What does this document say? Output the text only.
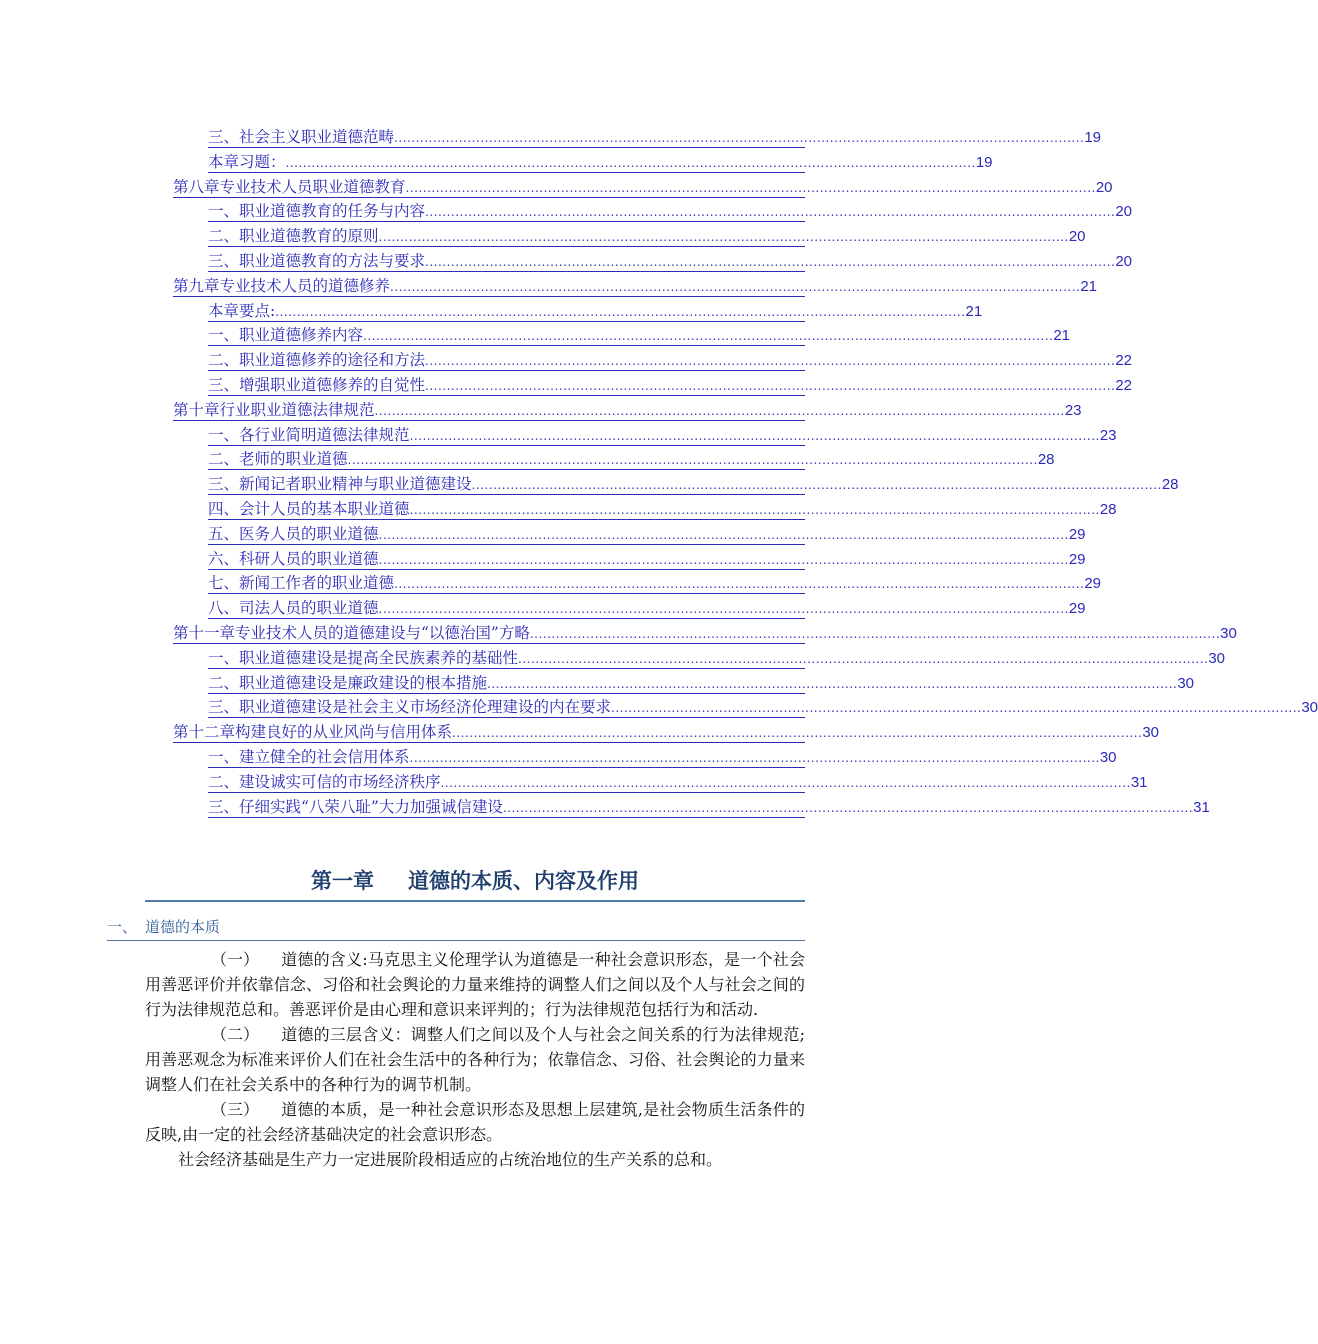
三、社会主义职业道德范畴 ................................................................................................................................................................ 19
本章习题： ................................................................................................................................................................ 19
第八章专业技术人员职业道德教育 ................................................................................................................................................................ 20
一、职业道德教育的任务与内容 ................................................................................................................................................................ 20
二、职业道德教育的原则 ................................................................................................................................................................ 20
三、职业道德教育的方法与要求 ................................................................................................................................................................ 20
第九章专业技术人员的道德修养 ................................................................................................................................................................ 21
本章要点: ................................................................................................................................................................ 21
一、职业道德修养内容 ................................................................................................................................................................ 21
二、职业道德修养的途径和方法 ................................................................................................................................................................ 22
三、增强职业道德修养的自觉性 ................................................................................................................................................................ 22
第十章行业职业道德法律规范 ................................................................................................................................................................ 23
一、各行业简明道德法律规范 ................................................................................................................................................................ 23
二、老师的职业道德 ................................................................................................................................................................ 28
三、新闻记者职业精神与职业道德建设 ................................................................................................................................................................ 28
四、会计人员的基本职业道德 ................................................................................................................................................................ 28
五、医务人员的职业道德 ................................................................................................................................................................ 29
六、科研人员的职业道德 ................................................................................................................................................................ 29
七、新闻工作者的职业道德 ................................................................................................................................................................ 29
八、司法人员的职业道德 ................................................................................................................................................................ 29
第十一章专业技术人员的道德建设与“以德治国”方略 ................................................................................................................................................................ 30
一、职业道德建设是提高全民族素养的基础性 ................................................................................................................................................................ 30
二、职业道德建设是廉政建设的根本措施 ................................................................................................................................................................ 30
三、职业道德建设是社会主义市场经济伦理建设的内在要求 ................................................................................................................................................................ 30
第十二章构建良好的从业风尚与信用体系 ................................................................................................................................................................ 30
一、建立健全的社会信用体系 ................................................................................................................................................................ 30
二、建设诚实可信的市场经济秩序 ................................................................................................................................................................ 31
三、仔细实践“八荣八耻”大力加强诚信建设 ................................................................................................................................................................ 31
第一章 道德的本质、内容及作用
一、 道德的本质

（一） 道德的含义:马克思主义伦理学认为道德是一种社会意识形态，是一个社会用善恶评价并依靠信念、习俗和社会舆论的力量来维持的调整人们之间以及个人与社会之间的行为法律规范总和。善恶评价是由心理和意识来评判的；行为法律规范包括行为和活动.

（二） 道德的三层含义：调整人们之间以及个人与社会之间关系的行为法律规范;用善恶观念为标准来评价人们在社会生活中的各种行为；依靠信念、习俗、社会舆论的力量来调整人们在社会关系中的各种行为的调节机制。

（三） 道德的本质，是一种社会意识形态及思想上层建筑,是社会物质生活条件的反映,由一定的社会经济基础决定的社会意识形态。

社会经济基础是生产力一定进展阶段相适应的占统治地位的生产关系的总和。
